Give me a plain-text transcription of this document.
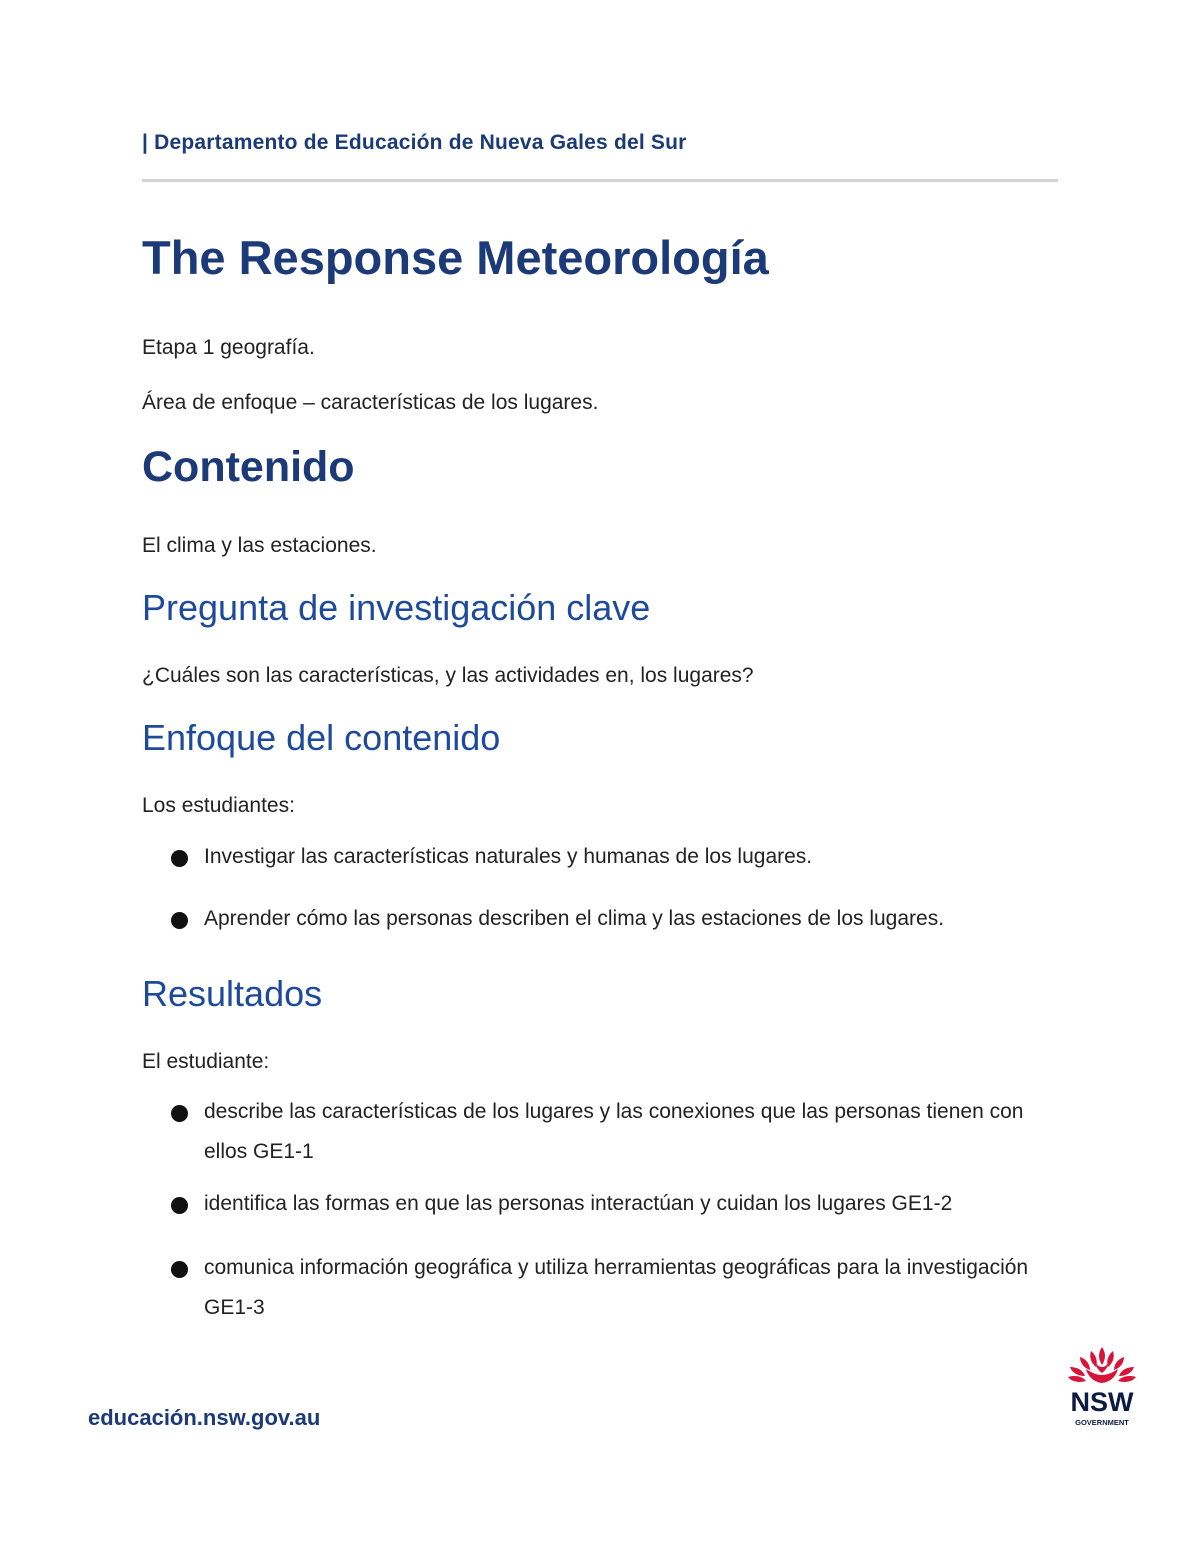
| Departamento de Educación de Nueva Gales del Sur
The Response Meteorología

Etapa 1 geografía.

Área de enfoque – características de los lugares.

Contenido

El clima y las estaciones.

Pregunta de investigación clave

¿Cuáles son las características, y las actividades en, los lugares?

Enfoque del contenido

Los estudiantes:

Investigar las características naturales y humanas de los lugares.
Aprender cómo las personas describen el clima y las estaciones de los lugares.
Resultados

El estudiante:

describe las características de los lugares y las conexiones que las personas tienen con ellos GE1-1
identifica las formas en que las personas interactúan y cuidan los lugares GE1-2
comunica información geográfica y utiliza herramientas geográficas para la investigación GE1-3
educación.nsw.gov.au
NSW
GOVERNMENT
